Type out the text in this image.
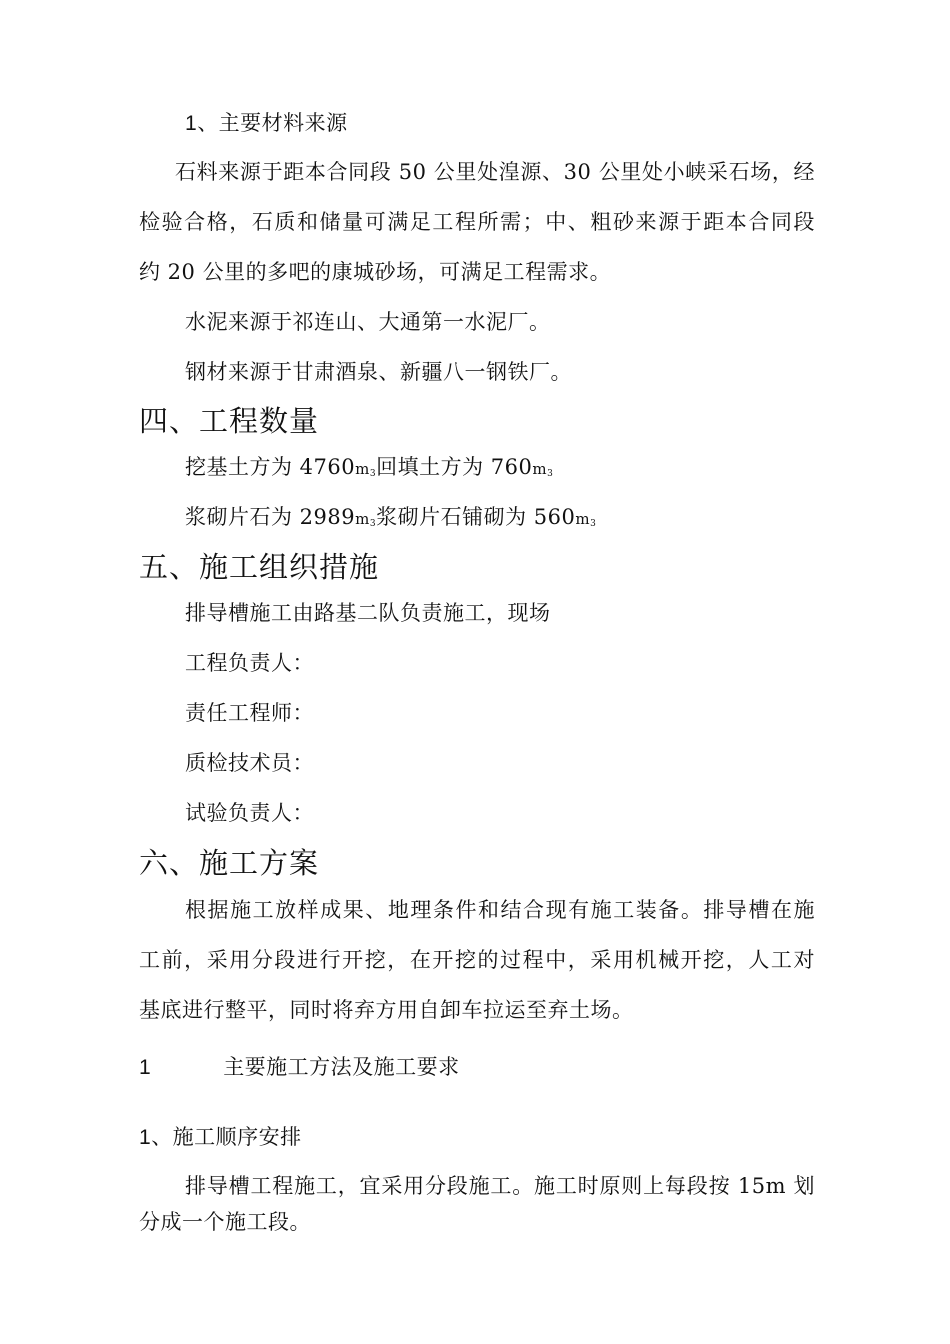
1、主要材料来源
石料来源于距本合同段 50 公里处湟源、30 公里处小峡采石场，经
检验合格，石质和储量可满足工程所需；中、粗砂来源于距本合同段
约 20 公里的多吧的康城砂场，可满足工程需求。
水泥来源于祁连山、大通第一水泥厂。
钢材来源于甘肃酒泉、新疆八一钢铁厂。
四、工程数量
挖基土方为 4760m3回填土方为 760m3
浆砌片石为 2989m3浆砌片石铺砌为 560m3
五、施工组织措施
排导槽施工由路基二队负责施工，现场
工程负责人：
责任工程师：
质检技术员：
试验负责人：
六、施工方案
根据施工放样成果、地理条件和结合现有施工装备。排导槽在施
工前，采用分段进行开挖，在开挖的过程中，采用机械开挖，人工对
基底进行整平，同时将弃方用自卸车拉运至弃土场。
1	主要施工方法及施工要求
1、施工顺序安排
排导槽工程施工，宜采用分段施工。施工时原则上每段按 15m 划
分成一个施工段。
